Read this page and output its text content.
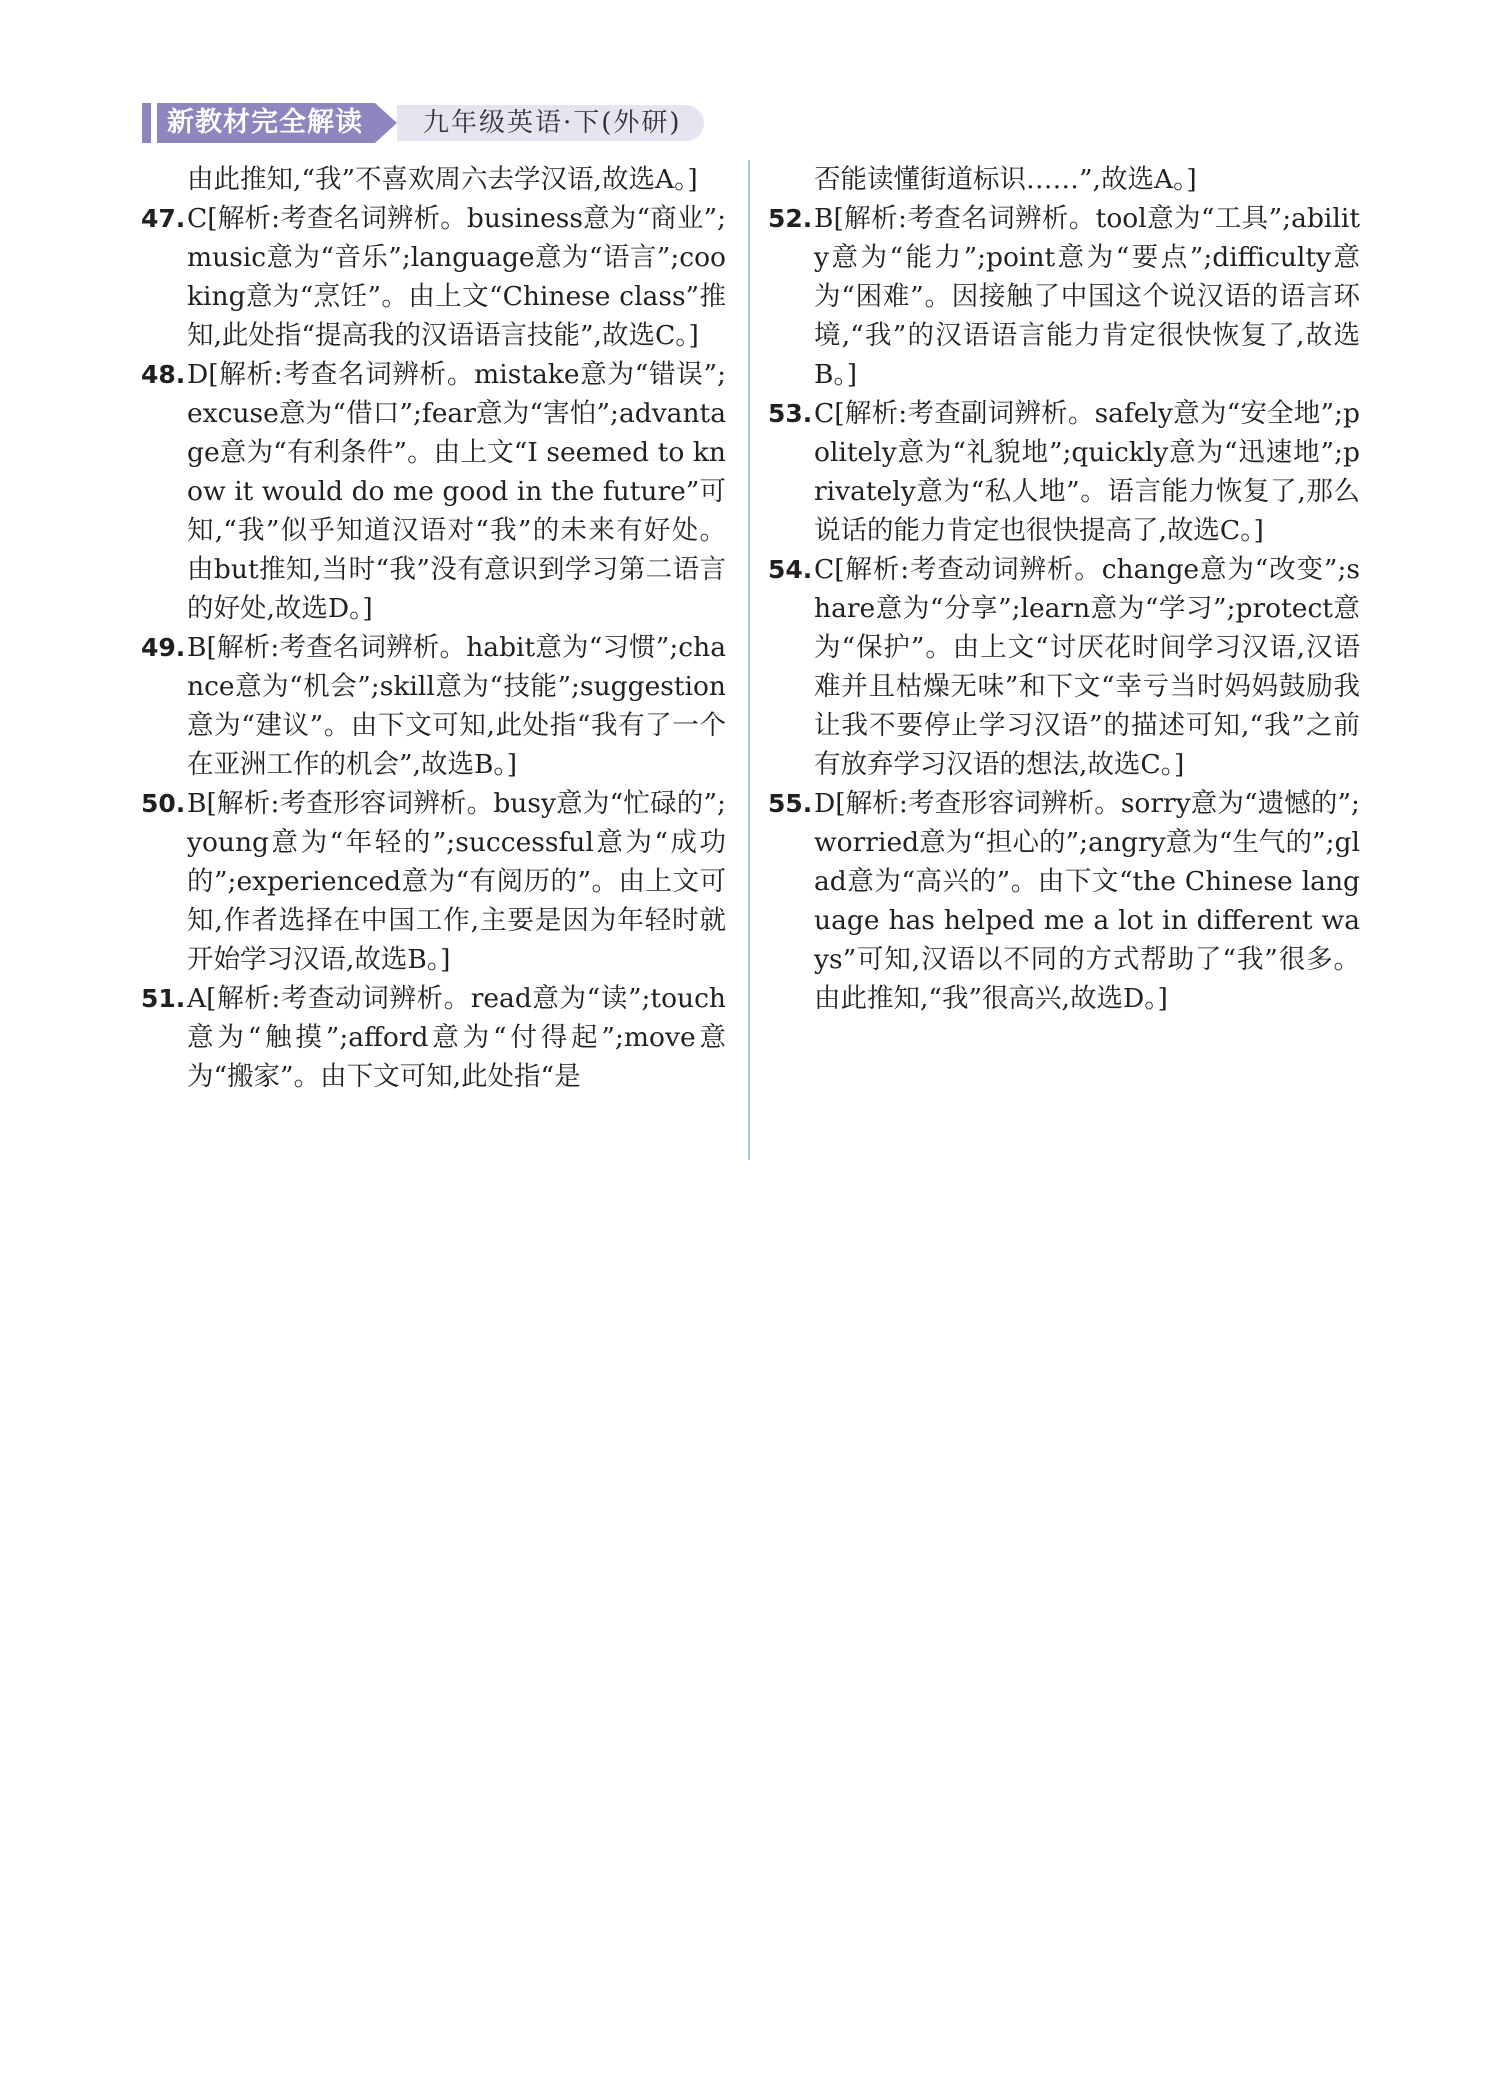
新教材完全解读	九年级英语·下(外研)
由此推知,“我”不喜欢周六去学汉语,故选A。]
47. C[解析:考查名词辨析。business意为“商业”;music意为“音乐”;language意为“语言”;cooking意为“烹饪”。由上文“Chinese class”推知,此处指“提高我的汉语语言技能”,故选C。]
48. D[解析:考查名词辨析。mistake意为“错误”;excuse意为“借口”;fear意为“害怕”;advantage意为“有利条件”。由上文“I seemed to know it would do me good in the future”可知,“我”似乎知道汉语对“我”的未来有好处。由but推知,当时“我”没有意识到学习第二语言的好处,故选D。]
49. B[解析:考查名词辨析。habit意为“习惯”;chance意为“机会”;skill意为“技能”;suggestion意为“建议”。由下文可知,此处指“我有了一个在亚洲工作的机会”,故选B。]
50. B[解析:考查形容词辨析。busy意为“忙碌的”;young意为“年轻的”;successful意为“成功的”;experienced意为“有阅历的”。由上文可知,作者选择在中国工作,主要是因为年轻时就开始学习汉语,故选B。]
51. A[解析:考查动词辨析。read意为“读”;touch意为“触摸”;afford意为“付得起”;move意为“搬家”。由下文可知,此处指“是
否能读懂街道标识……”,故选A。]
52. B[解析:考查名词辨析。tool意为“工具”;ability意为“能力”;point意为“要点”;difficulty意为“困难”。因接触了中国这个说汉语的语言环境,“我”的汉语语言能力肯定很快恢复了,故选B。]
53. C[解析:考查副词辨析。safely意为“安全地”;politely意为“礼貌地”;quickly意为“迅速地”;privately意为“私人地”。语言能力恢复了,那么说话的能力肯定也很快提高了,故选C。]
54. C[解析:考查动词辨析。change意为“改变”;share意为“分享”;learn意为“学习”;protect意为“保护”。由上文“讨厌花时间学习汉语,汉语难并且枯燥无味”和下文“幸亏当时妈妈鼓励我让我不要停止学习汉语”的描述可知,“我”之前有放弃学习汉语的想法,故选C。]
55. D[解析:考查形容词辨析。sorry意为“遗憾的”;worried意为“担心的”;angry意为“生气的”;glad意为“高兴的”。由下文“the Chinese language has helped me a lot in different ways”可知,汉语以不同的方式帮助了“我”很多。由此推知,“我”很高兴,故选D。]
